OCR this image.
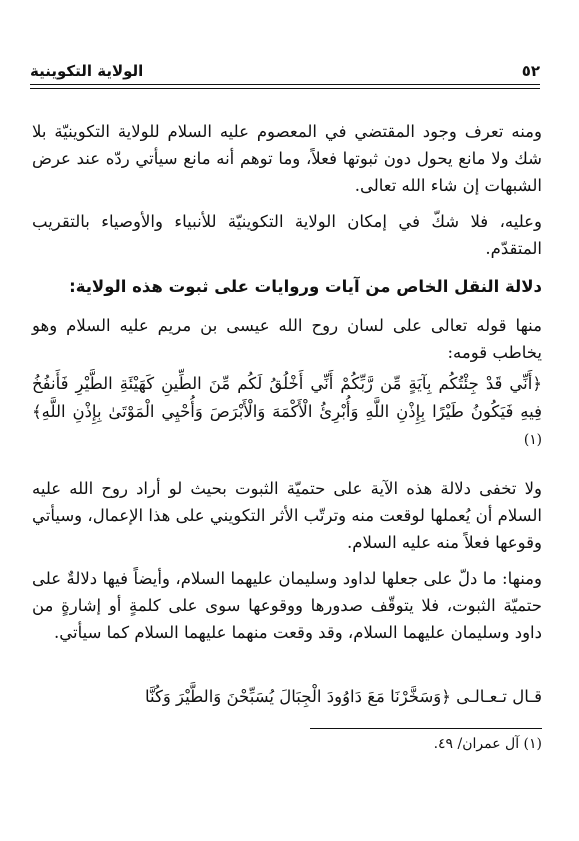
٥٢
الولاية التكوينية
ومنه تعرف وجود المقتضي في المعصوم عليه السلام للولاية التكوينيّة بلا شك ولا مانع يحول دون ثبوتها فعلاً، وما توهم أنه مانع سيأتي ردّه عند عرض الشبهات إن شاء الله تعالى.
وعليه، فلا شكّ في إمكان الولاية التكوينيّة للأنبياء والأوصياء بالتقريب المتقدّم.
دلالة النقل الخاص من آيات وروايات على ثبوت هذه الولاية:
منها قوله تعالى على لسان روح الله عيسى بن مريم عليه السلام وهو يخاطب قومه:
﴿أَنِّي قَدْ جِئْتُكُم بِآيَةٍ مِّن رَّبِّكُمْ أَنِّي أَخْلُقُ لَكُم مِّنَ الطِّينِ كَهَيْئَةِ الطَّيْرِ فَأَنفُخُ فِيهِ فَيَكُونُ طَيْرًا بِإِذْنِ اللَّهِ وَأُبْرِئُ الْأَكْمَهَ وَالْأَبْرَصَ وَأُحْيِي الْمَوْتَىٰ بِإِذْنِ اللَّهِ﴾$^{(١)}$
ولا تخفى دلالة هذه الآية على حتميّة الثبوت بحيث لو أراد روح الله عليه السلام أن يُعملها لوقعت منه وترتّب الأثر التكويني على هذا الإعمال، وسيأتي وقوعها فعلاً منه عليه السلام.
ومنها: ما دلّ على جعلها لداود وسليمان عليهما السلام، وأيضاً فيها دلالةٌ على حتميّة الثبوت، فلا يتوقّف صدورها ووقوعها سوى على كلمةٍ أو إشارةٍ من داود وسليمان عليهما السلام، وقد وقعت منهما عليهما السلام كما سيأتي.
قـال تـعـالـى ﴿وَسَخَّرْنَا مَعَ دَاوُودَ الْجِبَالَ يُسَبِّحْنَ وَالطَّيْرَ وَكُنَّا
(١) آل عمران/ ٤٩.
